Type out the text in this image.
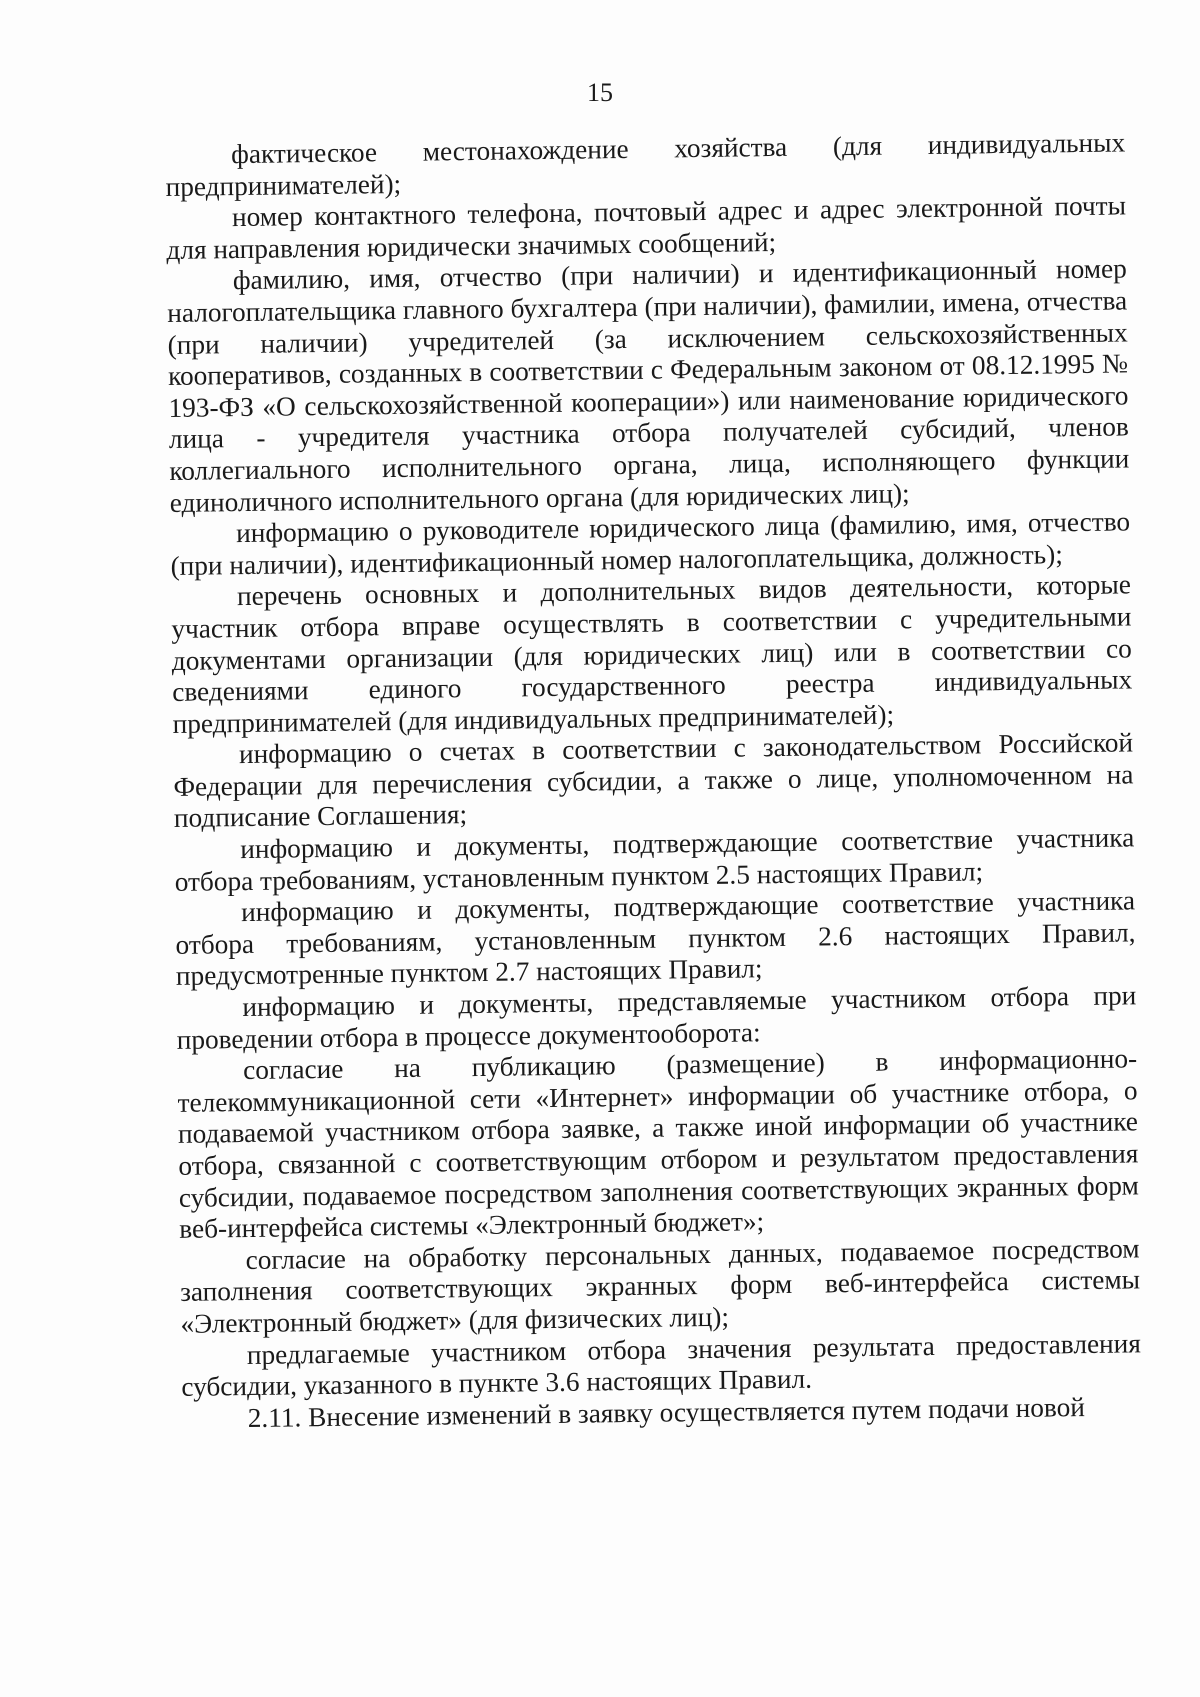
15

фактическое местонахождение хозяйства (для индивидуальных предпринимателей);

номер контактного телефона, почтовый адрес и адрес электронной почты для направления юридически значимых сообщений;

фамилию, имя, отчество (при наличии) и идентификационный номер налогоплательщика главного бухгалтера (при наличии), фамилии, имена, отчества (при наличии) учредителей (за исключением сельскохозяйственных кооперативов, созданных в соответствии с Федеральным законом от 08.12.1995 № 193-ФЗ «О сельскохозяйственной кооперации») или наименование юридического лица - учредителя участника отбора получателей субсидий, членов коллегиального исполнительного органа, лица, исполняющего функции единоличного исполнительного органа (для юридических лиц);

информацию о руководителе юридического лица (фамилию, имя, отчество (при наличии), идентификационный номер налогоплательщика, должность);

перечень основных и дополнительных видов деятельности, которые участник отбора вправе осуществлять в соответствии с учредительными документами организации (для юридических лиц) или в соответствии со сведениями единого государственного реестра индивидуальных предпринимателей (для индивидуальных предпринимателей);

информацию о счетах в соответствии с законодательством Российской Федерации для перечисления субсидии, а также о лице, уполномоченном на подписание Соглашения;

информацию и документы, подтверждающие соответствие участника отбора требованиям, установленным пунктом 2.5 настоящих Правил;

информацию и документы, подтверждающие соответствие участника отбора требованиям, установленным пунктом 2.6 настоящих Правил, предусмотренные пунктом 2.7 настоящих Правил;

информацию и документы, представляемые участником отбора при проведении отбора в процессе документооборота:

согласие на публикацию (размещение) в информационно-телекоммуникационной сети «Интернет» информации об участнике отбора, о подаваемой участником отбора заявке, а также иной информации об участнике отбора, связанной с соответствующим отбором и результатом предоставления субсидии, подаваемое посредством заполнения соответствующих экранных форм веб-интерфейса системы «Электронный бюджет»;

согласие на обработку персональных данных, подаваемое посредством заполнения соответствующих экранных форм веб-интерфейса системы «Электронный бюджет» (для физических лиц);

предлагаемые участником отбора значения результата предоставления субсидии, указанного в пункте 3.6 настоящих Правил.

2.11. Внесение изменений в заявку осуществляется путем подачи новой
